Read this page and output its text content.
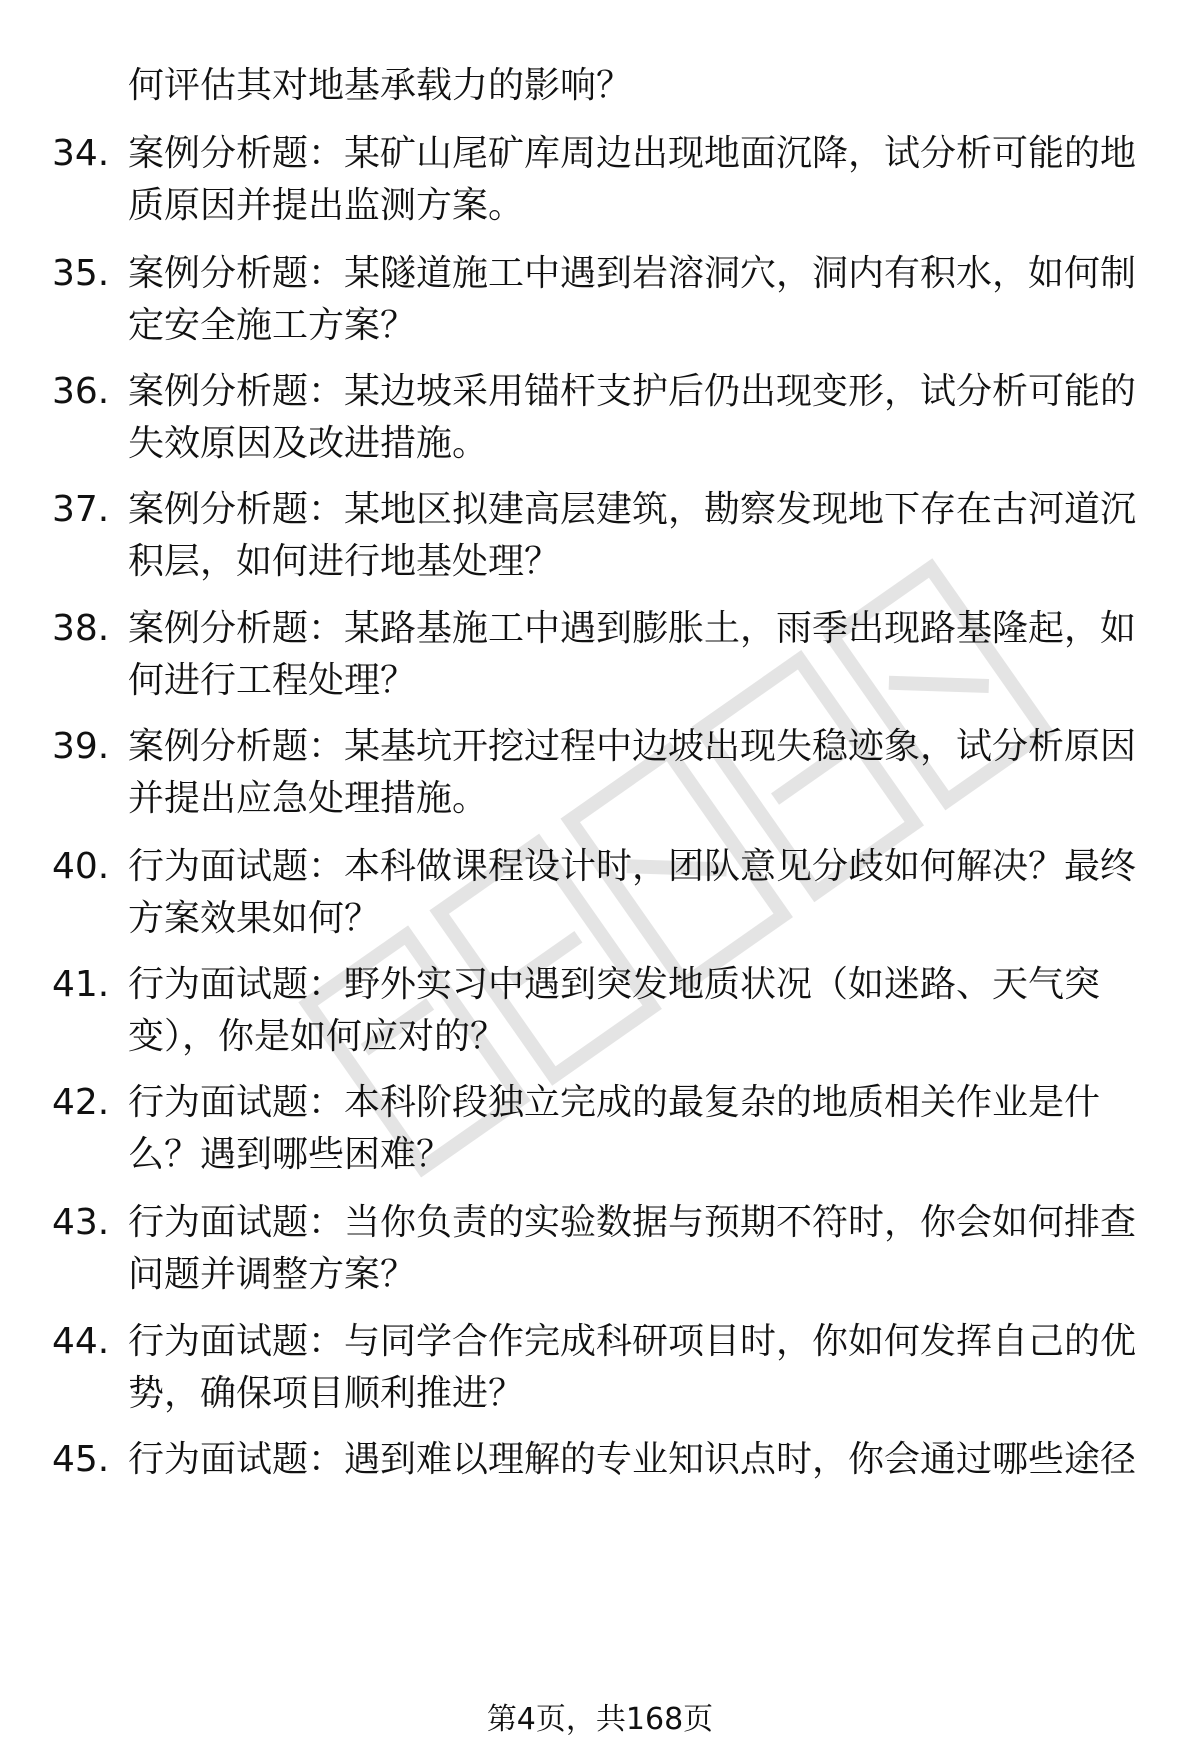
何评估其对地基承载力的影响？
34. 案例分析题：某矿山尾矿库周边出现地面沉降，试分析可能的地质原因并提出监测方案。
35. 案例分析题：某隧道施工中遇到岩溶洞穴，洞内有积水，如何制定安全施工方案？
36. 案例分析题：某边坡采用锚杆支护后仍出现变形，试分析可能的失效原因及改进措施。
37. 案例分析题：某地区拟建高层建筑，勘察发现地下存在古河道沉积层，如何进行地基处理？
38. 案例分析题：某路基施工中遇到膨胀土，雨季出现路基隆起，如何进行工程处理？
39. 案例分析题：某基坑开挖过程中边坡出现失稳迹象，试分析原因并提出应急处理措施。
40. 行为面试题：本科做课程设计时，团队意见分歧如何解决？最终方案效果如何？
41. 行为面试题：野外实习中遇到突发地质状况（如迷路、天气突变），你是如何应对的？
42. 行为面试题：本科阶段独立完成的最复杂的地质相关作业是什么？遇到哪些困难？
43. 行为面试题：当你负责的实验数据与预期不符时，你会如何排查问题并调整方案？
44. 行为面试题：与同学合作完成科研项目时，你如何发挥自己的优势，确保项目顺利推进？
45. 行为面试题：遇到难以理解的专业知识点时，你会通过哪些途径
第4页，共168页
